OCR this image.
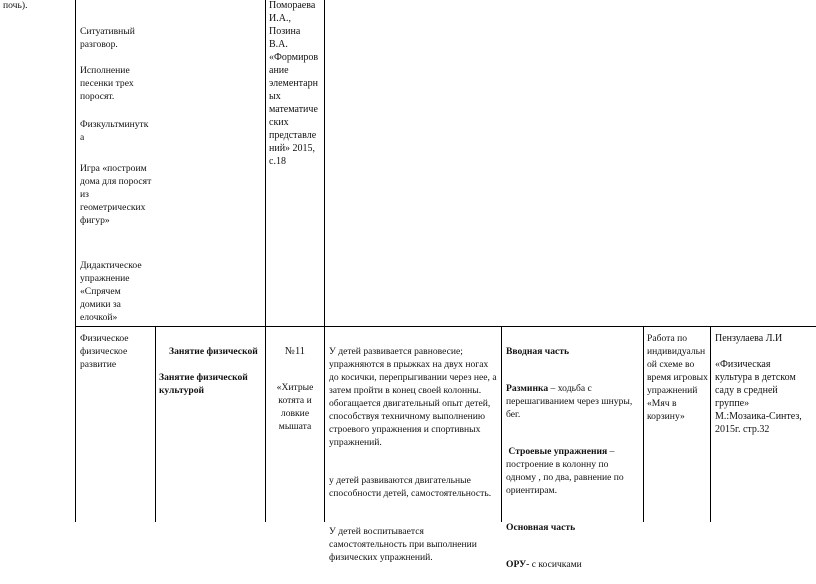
почь).

Ситуативный
разговор.

Исполнение
песенки трех
поросят.

Физкультминутк
а

Игра «построим
дома для поросят
из
геометрических
фигур»

Дидактическое
упражнение
«Спрячем
домики за
елочкой»

Помораева
И.А.,
Позина
В.А.
«Формиров
ание
элементарн
ых
математиче
ских
представле
ний» 2015,
с.18
Физическое
физическое
развитие

Занятие физической

Занятие физической
культурой

№11

«Хитрые
котята и
ловкие
мышата

У детей развивается равновесие;
упражняются в прыжках на двух ногах
до косички, перепрыгивании через нее, а
затем пройти в конец своей колонны.
обогащается двигательный опыт детей,
способствуя техничному выполнению
строевого упражнения и спортивных
упражнений.

у детей развиваются двигательные
способности детей, самостоятельность.

У детей воспитывается
самостоятельность при выполнении
физических упражнений.

Вводная часть

Разминка – ходьба с
перешагиванием через шнуры,
бег.

Строевые упражнения –
построение в колонну по
одному , по два, равнение по
ориентирам.

Основная часть

ОРУ- с косичками

Работа по
индивидуальн
ой схеме во
время игровых
упражнений
«Мяч в
корзину»
Пензулаева Л.И

«Физическая
культура в детском
саду в средней
группе»
М.:Мозаика-Синтез,
2015г. стр.32
